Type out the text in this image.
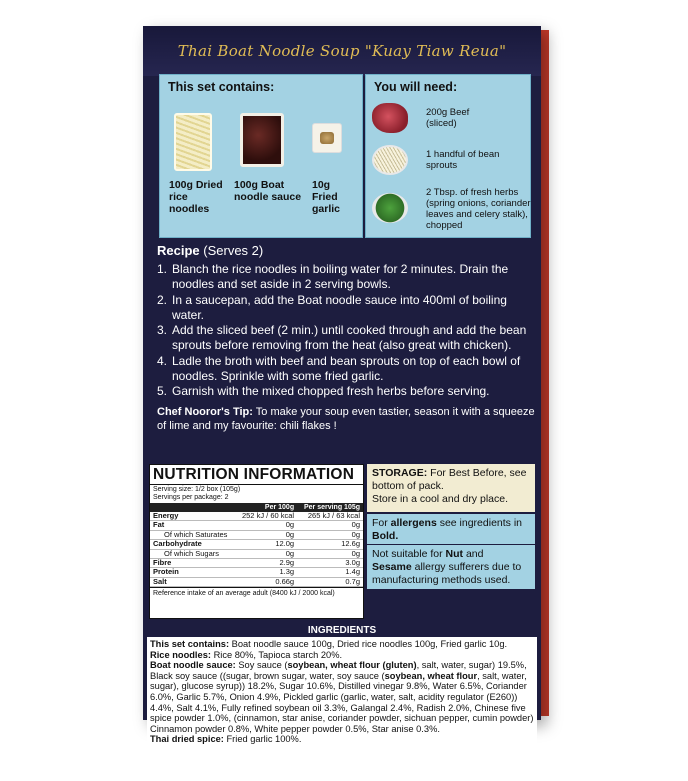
Thai Boat Noodle Soup "Kuay Tiaw Reua"
This set contains:
100g Dried rice noodles
100g Boat noodle sauce
10g Fried garlic
You will need:
200g Beef (sliced)
1 handful of bean sprouts
2 Tbsp. of fresh herbs (spring onions, coriander leaves and celery stalk), chopped
Recipe (Serves 2)
1. Blanch the rice noodles in boiling water for 2 minutes. Drain the noodles and set aside in 2 serving bowls.
2. In a saucepan, add the Boat noodle sauce into 400ml of boiling water.
3. Add the sliced beef (2 min.) until cooked through and add the bean sprouts before removing from the heat (also great with chicken).
4. Ladle the broth with beef and bean sprouts on top of each bowl of noodles. Sprinkle with some fried garlic.
5. Garnish with the mixed chopped fresh herbs before serving.
Chef Nooror's Tip: To make your soup even tastier, season it with a squeeze of lime and my favourite: chili flakes !
NUTRITION INFORMATION
Serving size: 1/2 box (105g)
Servings per package: 2
	Per 100g	Per serving 105g
Energy	252 kJ / 60 kcal	265 kJ / 63 kcal
Fat	0g	0g
Of which Saturates	0g	0g
Carbohydrate	12.0g	12.6g
Of which Sugars	0g	0g
Fibre	2.9g	3.0g
Protein	1.3g	1.4g
Salt	0.66g	0.7g
Reference intake of an average adult (8400 kJ / 2000 kcal)
STORAGE: For Best Before, see bottom of pack.
Store in a cool and dry place.
For allergens see ingredients in Bold.
Not suitable for Nut and
Sesame allergy sufferers due to manufacturing methods used.
INGREDIENTS
This set contains: Boat noodle sauce 100g, Dried rice noodles 100g, Fried garlic 10g.
Rice noodles: Rice 80%, Tapioca starch 20%.
Boat noodle sauce: Soy sauce (soybean, wheat flour (gluten), salt, water, sugar) 19.5%, Black soy sauce ((sugar, brown sugar, water, soy sauce (soybean, wheat flour, salt, water, sugar), glucose syrup)) 18.2%, Sugar 10.6%, Distilled vinegar 9.8%, Water 6.5%, Coriander 6.0%, Garlic 5.7%, Onion 4.9%, Pickled garlic (garlic, water, salt, acidity regulator (E260)) 4.4%, Salt 4.1%, Fully refined soybean oil 3.3%, Galangal 2.4%, Radish 2.0%, Chinese five spice powder 1.0%, (cinnamon, star anise, coriander powder, sichuan pepper, cumin powder) Cinnamon powder 0.8%, White pepper powder 0.5%, Star anise 0.3%.
Thai dried spice: Fried garlic 100%.
